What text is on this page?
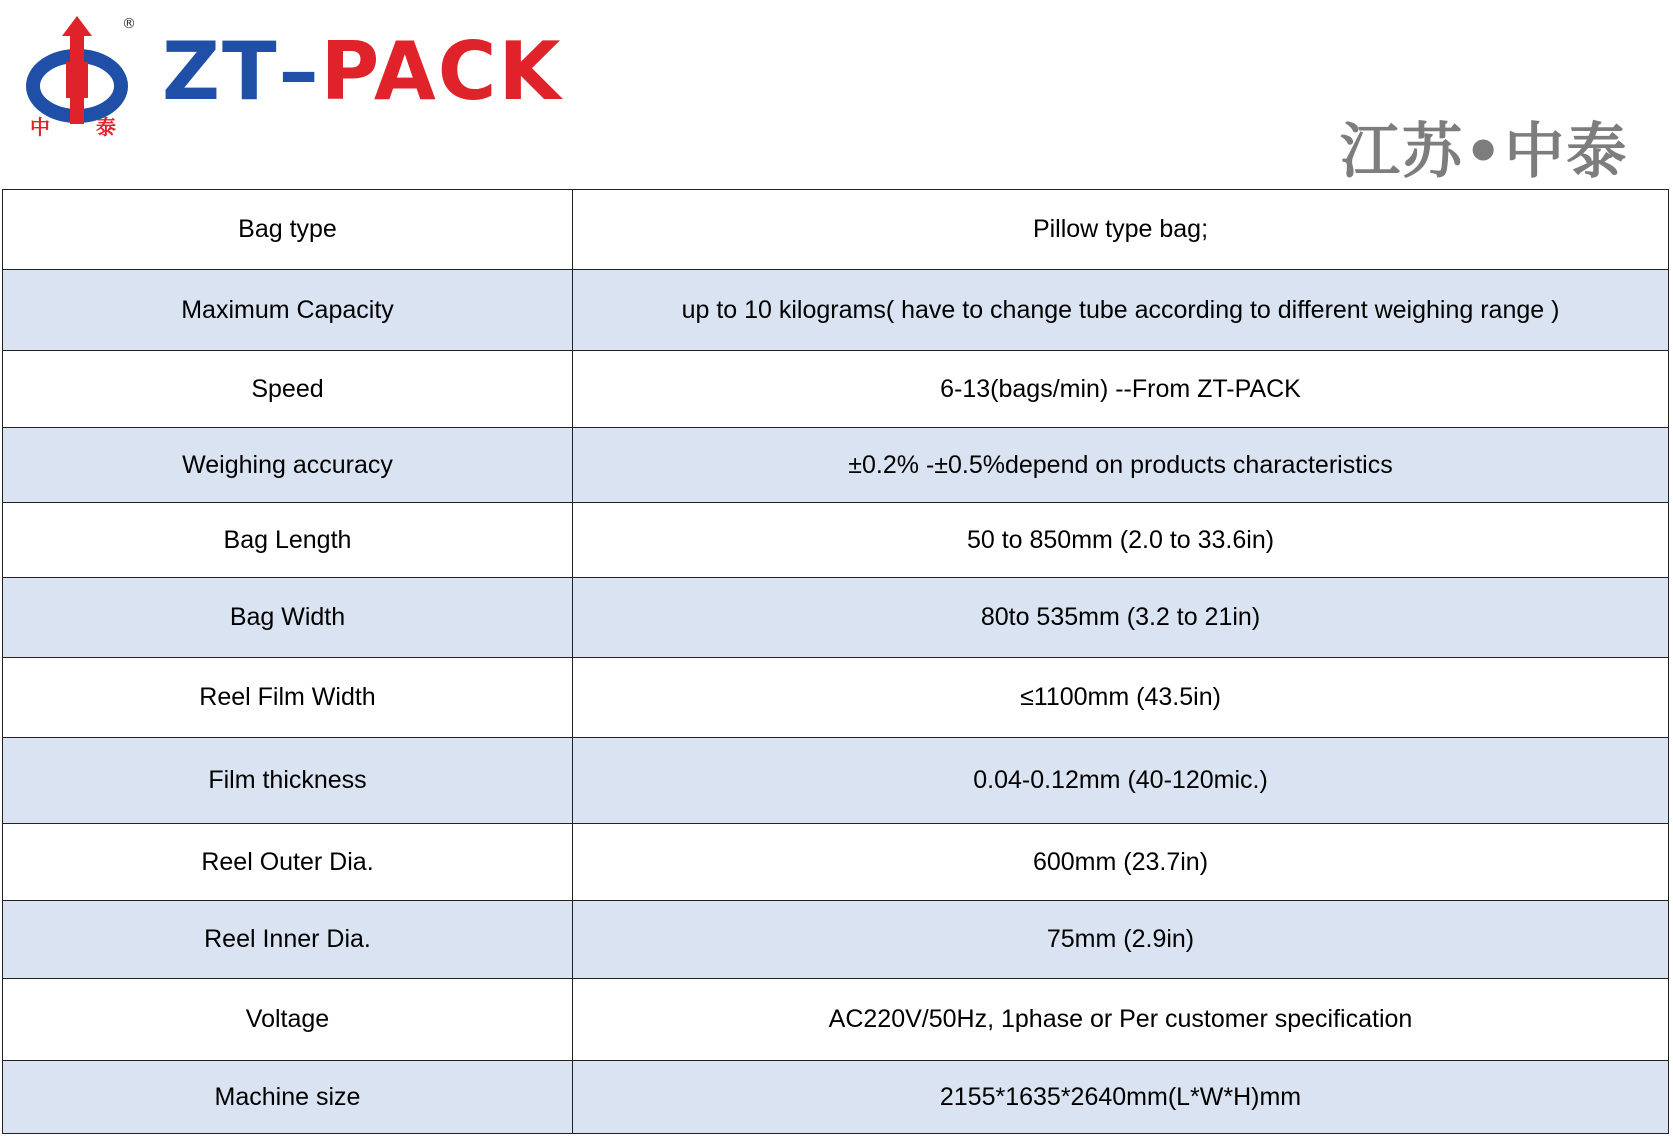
®
中 泰
ZT–PACK
江苏•中泰
Bag type	Pillow type bag;
Maximum Capacity	up to 10 kilograms( have to change tube according to different weighing range )
Speed	6-13(bags/min) --From ZT-PACK
Weighing accuracy	±0.2% -±0.5%depend on products characteristics
Bag Length	50 to 850mm (2.0 to 33.6in)
Bag Width	80to 535mm (3.2 to 21in)
Reel Film Width	≤1100mm (43.5in)
Film thickness	0.04-0.12mm (40-120mic.)
Reel Outer Dia.	600mm (23.7in)
Reel Inner Dia.	75mm (2.9in)
Voltage	AC220V/50Hz, 1phase or Per customer specification
Machine size	2155*1635*2640mm(L*W*H)mm
